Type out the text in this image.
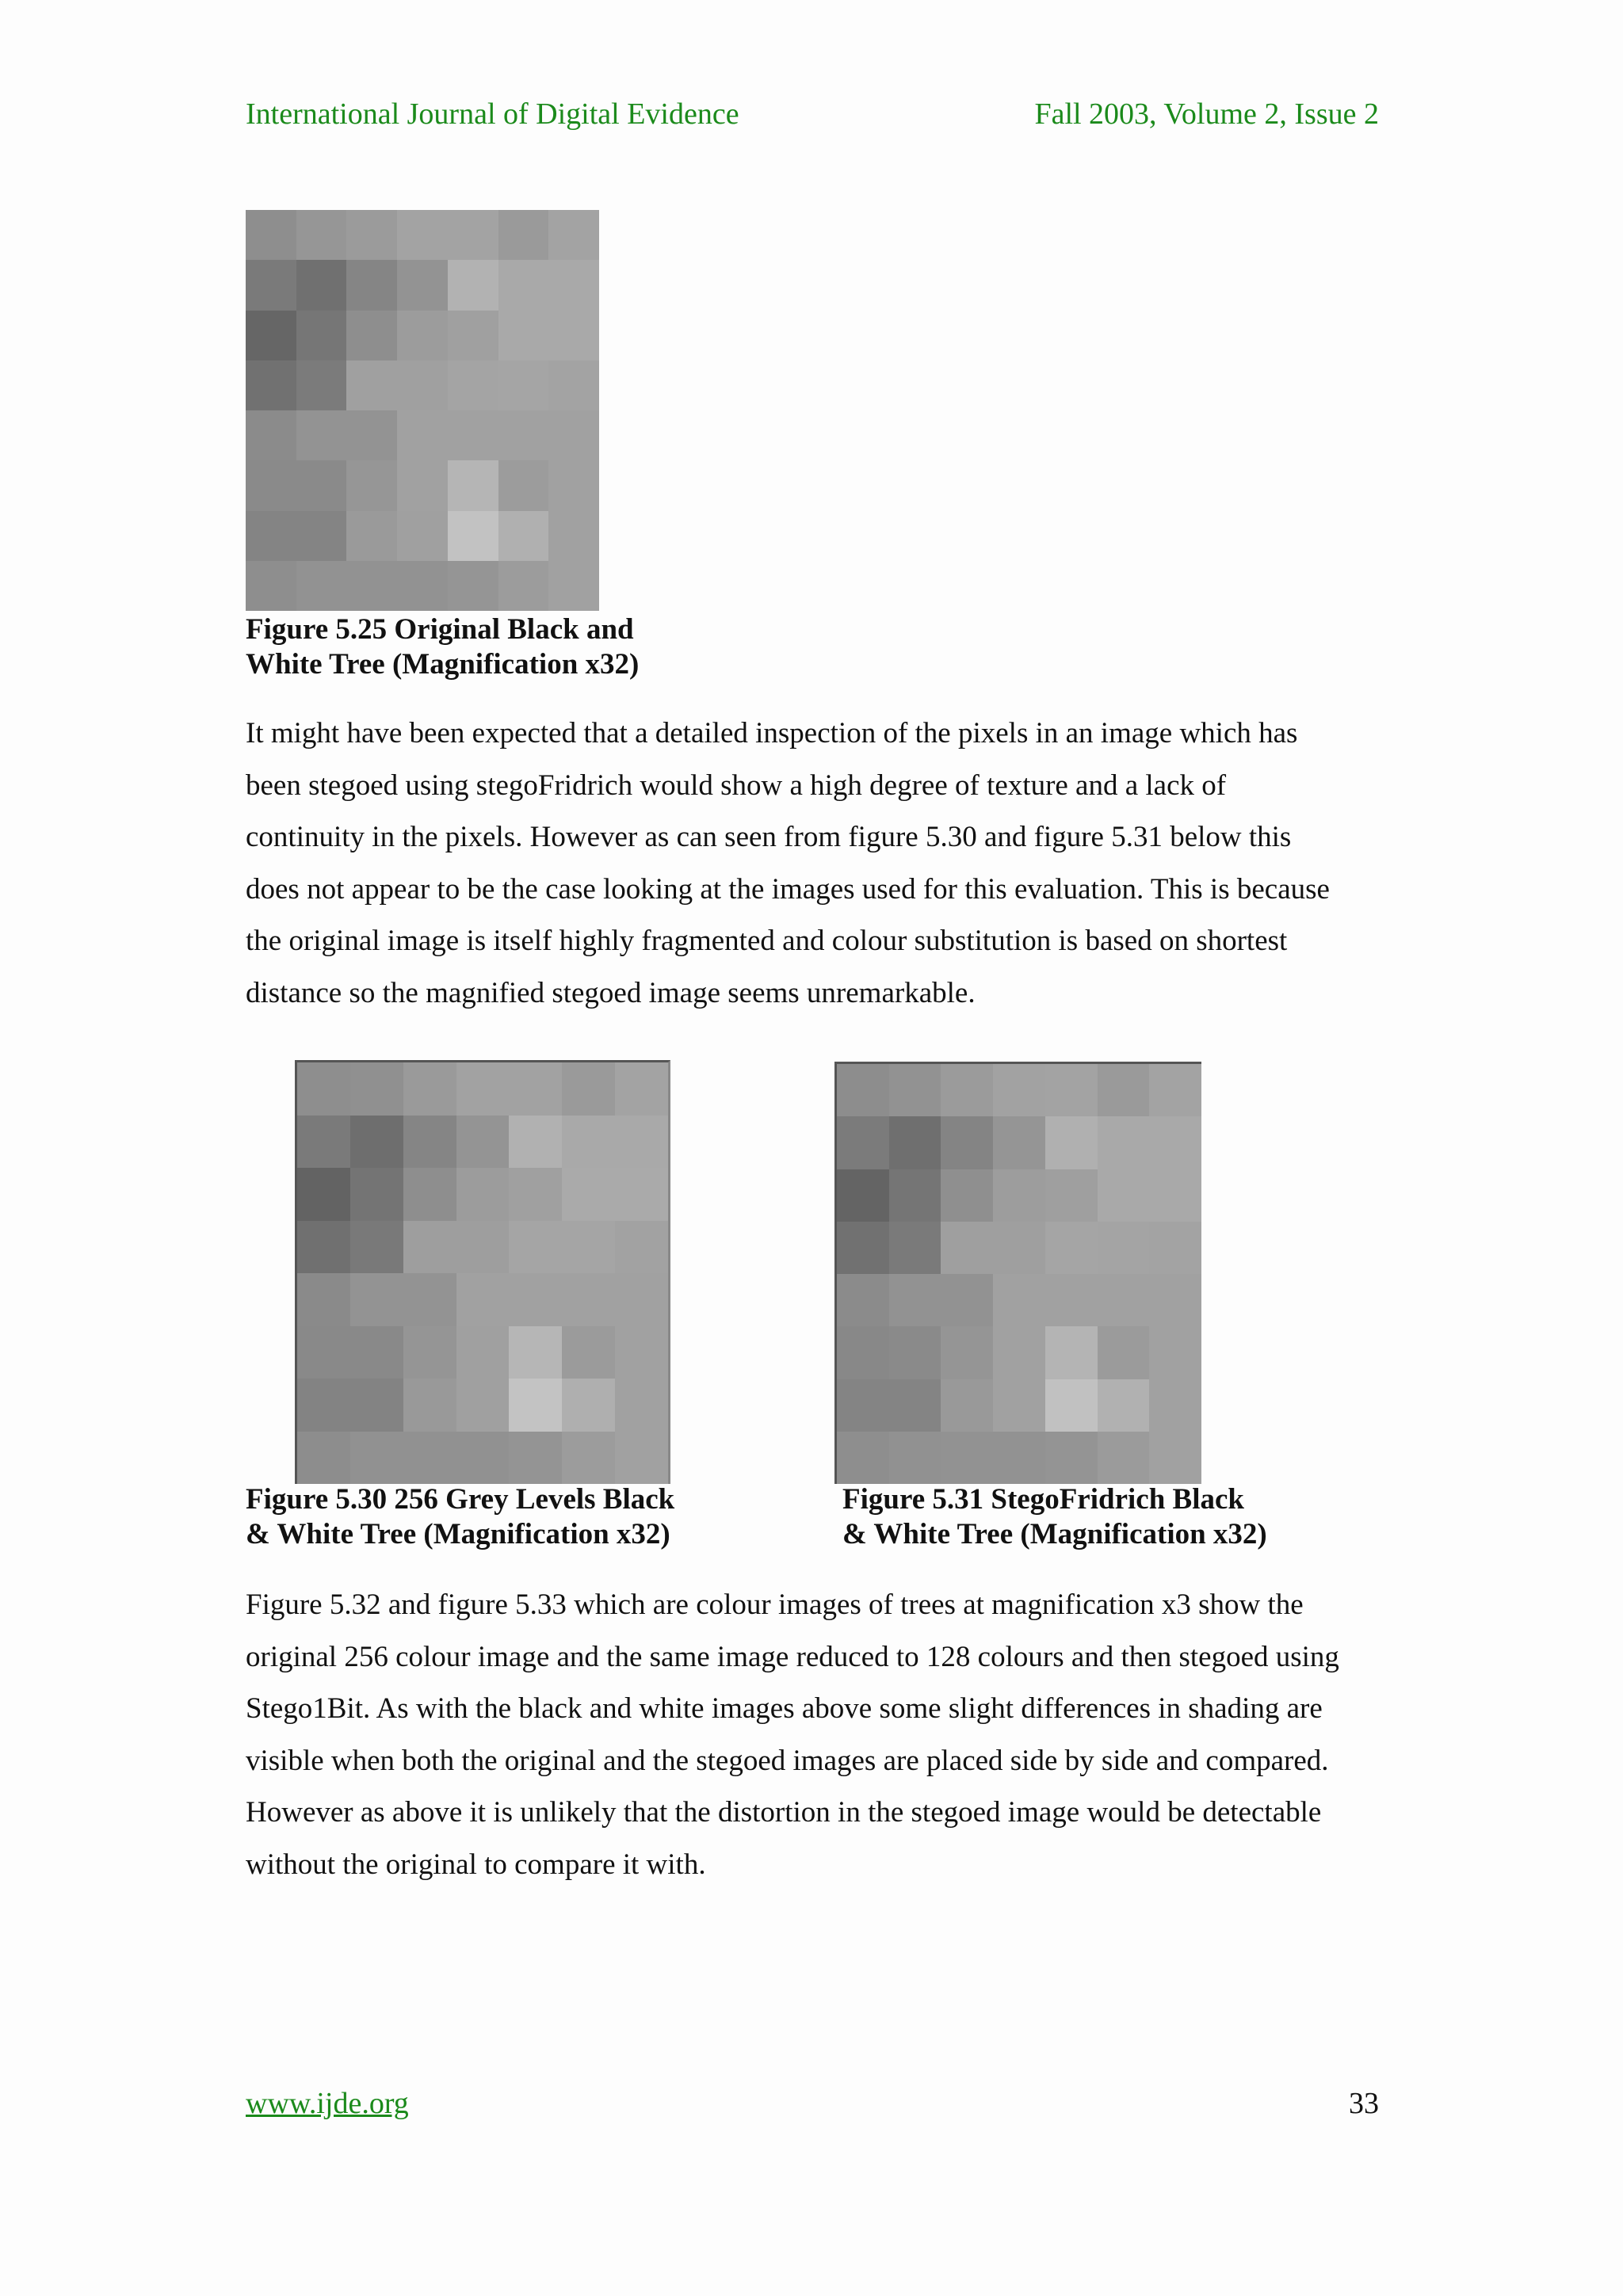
International Journal of Digital Evidence	Fall 2003, Volume 2, Issue 2
Figure 5.25 Original Black and
White Tree (Magnification x32)
It might have been expected that a detailed inspection of the pixels in an image which has
been stegoed using stegoFridrich would show a high degree of texture and a lack of
continuity in the pixels. However as can seen from figure 5.30 and figure 5.31 below this
does not appear to be the case looking at the images used for this evaluation. This is because
the original image is itself highly fragmented and colour substitution is based on shortest
distance so the magnified stegoed image seems unremarkable.
Figure 5.30 256 Grey Levels Black
& White Tree (Magnification x32)
Figure 5.31 StegoFridrich Black
& White Tree (Magnification x32)
Figure 5.32 and figure 5.33 which are colour images of trees at magnification x3 show the
original 256 colour image and the same image reduced to 128 colours and then stegoed using
Stego1Bit. As with the black and white images above some slight differences in shading are
visible when both the original and the stegoed images are placed side by side and compared.
However as above it is unlikely that the distortion in the stegoed image would be detectable
without the original to compare it with.
www.ijde.org	33
